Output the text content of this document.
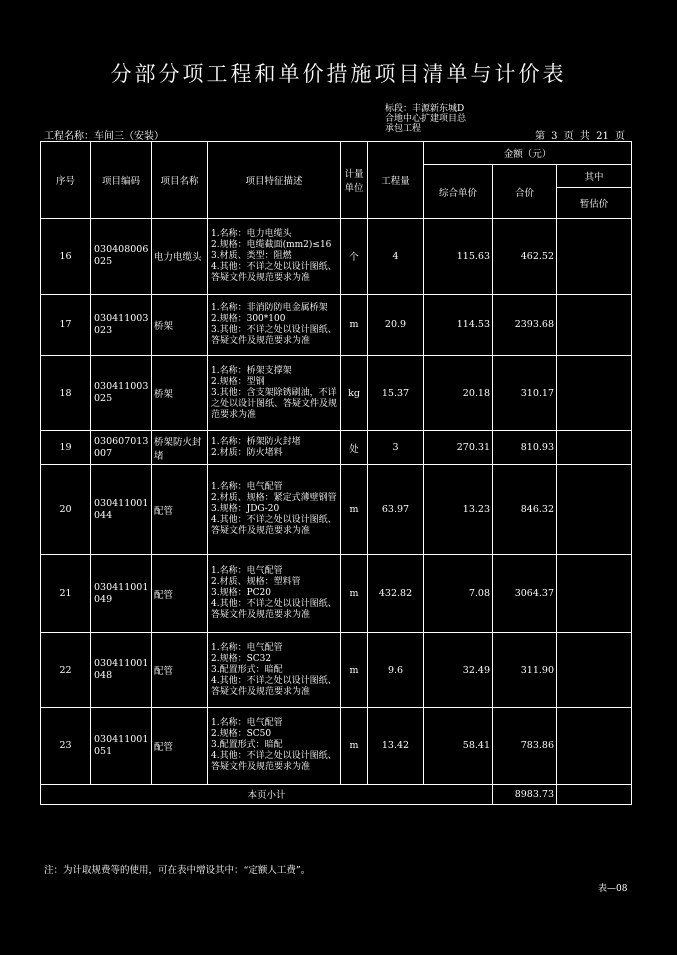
分部分项工程和单价措施项目清单与计价表
标段：丰源新东城D
合地中心扩建项目总
承包工程
工程名称：车间三（安装）	第 3 页 共 21 页
序号	项目编码	项目名称	项目特征描述	计量单位	工程量	金额（元）		
						综合单价	合价	其中
								暂估价
16	030408006025	电力电缆头	1.名称：电力电缆头
2.规格：电缆截面(mm2)≤16
3.材质、类型：阻燃
4.其他：不详之处以设计图纸、答疑文件及规范要求为准	个	4	115.63	462.52	
17	030411003023	桥架	1.名称：非消防防电金属桥架
2.规格：300*100
3.其他：不详之处以设计图纸、答疑文件及规范要求为准	m	20.9	114.53	2393.68	
18	030411003025	桥架	1.名称：桥架支撑架
2.规格：型钢
3.其他：含支架除锈刷油，不详之处以设计图纸、答疑文件及规范要求为准	kg	15.37	20.18	310.17	
19	030607013007	桥架防火封堵	1.名称：桥架防火封堵
2.材质：防火堵料	处	3	270.31	810.93	
20	030411001044	配管	1.名称：电气配管
2.材质、规格：紧定式薄壁钢管
3.规格：JDG-20
4.其他：不详之处以设计图纸、答疑文件及规范要求为准	m	63.97	13.23	846.32	
21	030411001049	配管	1.名称：电气配管
2.材质、规格：塑料管
3.规格：PC20
4.其他：不详之处以设计图纸、答疑文件及规范要求为准	m	432.82	7.08	3064.37	
22	030411001048	配管	1.名称：电气配管
2.规格：SC32
3.配置形式：暗配
4.其他：不详之处以设计图纸、答疑文件及规范要求为准	m	9.6	32.49	311.90	
23	030411001051	配管	1.名称：电气配管
2.规格：SC50
3.配置形式：暗配
4.其他：不详之处以设计图纸、答疑文件及规范要求为准	m	13.42	58.41	783.86	
本页小计							8983.73	
注：为计取规费等的使用，可在表中增设其中：“定额人工费”。
表—08
